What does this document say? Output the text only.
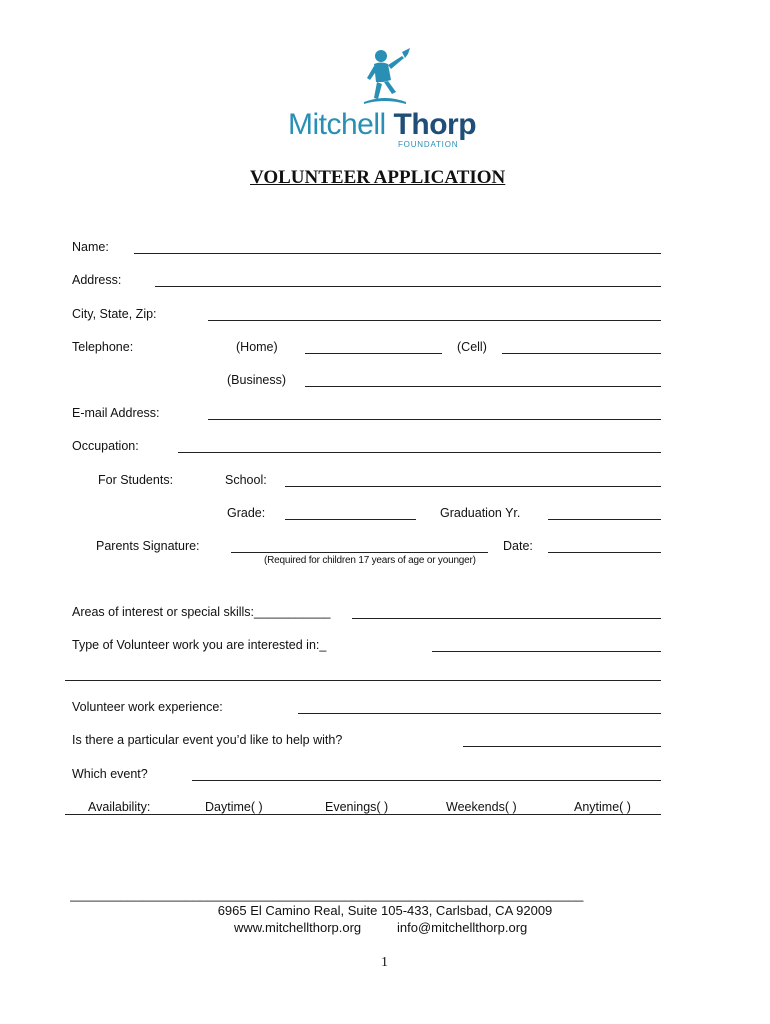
Mitchell Thorp
FOUNDATION
VOLUNTEER APPLICATION
Name:
Address:
City, State, Zip:
Telephone:	(Home)	(Cell)
(Business)
E-mail Address:
Occupation:
For Students:	School:
Grade:	Graduation Yr.
Parents Signature:	Date:
(Required for children 17 years of age or younger)
Areas of interest or special skills:___________
Type of Volunteer work you are interested in:_
Volunteer work experience:
Is there a particular event you’d like to help with?
Which event?
Availability:	Daytime( )	Evenings( )	Weekends( )	Anytime( )
_______________________________________________________________________
6965 El Camino Real, Suite 105-433, Carlsbad, CA 92009
www.mitchellthorp.org	info@mitchellthorp.org
1
